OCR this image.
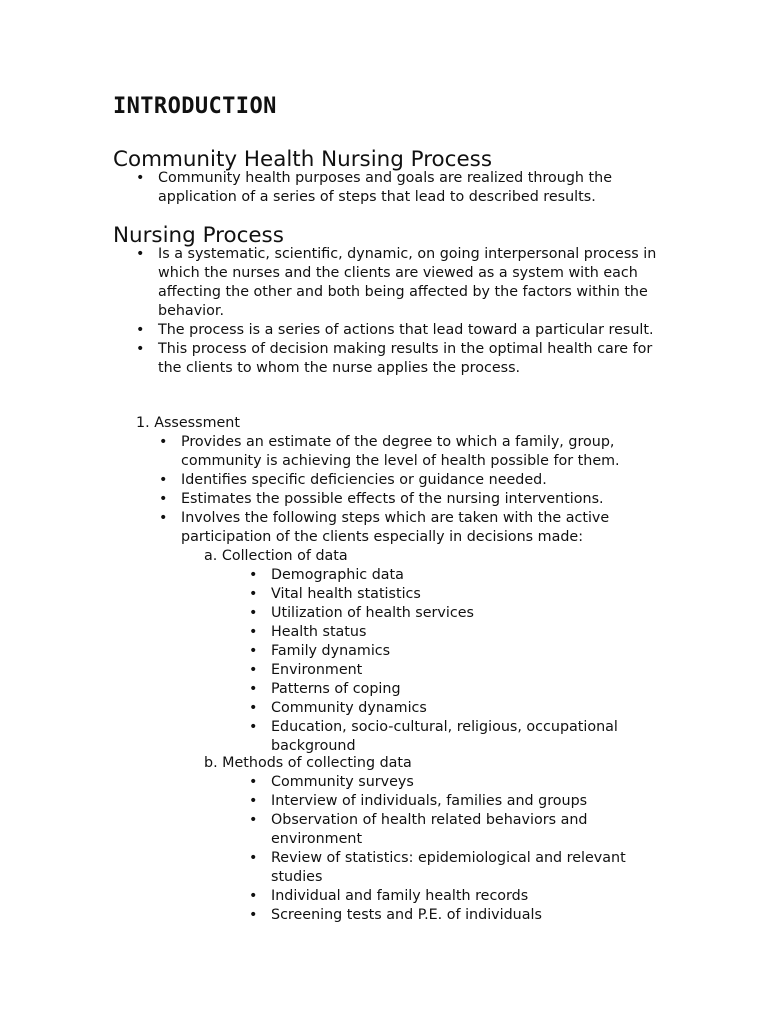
INTRODUCTION
Community Health Nursing Process
• Community health purposes and goals are realized through the application of a series of steps that lead to described results.
Nursing Process
• Is a systematic, scientific, dynamic, on going interpersonal process in which the nurses and the clients are viewed as a system with each affecting the other and both being affected by the factors within the behavior.
• The process is a series of actions that lead toward a particular result.
• This process of decision making results in the optimal health care for the clients to whom the nurse applies the process.
1. Assessment
• Provides an estimate of the degree to which a family, group, community is achieving the level of health possible for them.
• Identifies specific deficiencies or guidance needed.
• Estimates the possible effects of the nursing interventions.
• Involves the following steps which are taken with the active participation of the clients especially in decisions made:
a. Collection of data
• Demographic data
• Vital health statistics
• Utilization of health services
• Health status
• Family dynamics
• Environment
• Patterns of coping
• Community dynamics
• Education, socio-cultural, religious, occupational background
b. Methods of collecting data
• Community surveys
• Interview of individuals, families and groups
• Observation of health related behaviors and environment
• Review of statistics: epidemiological and relevant studies
• Individual and family health records
• Screening tests and P.E. of individuals
